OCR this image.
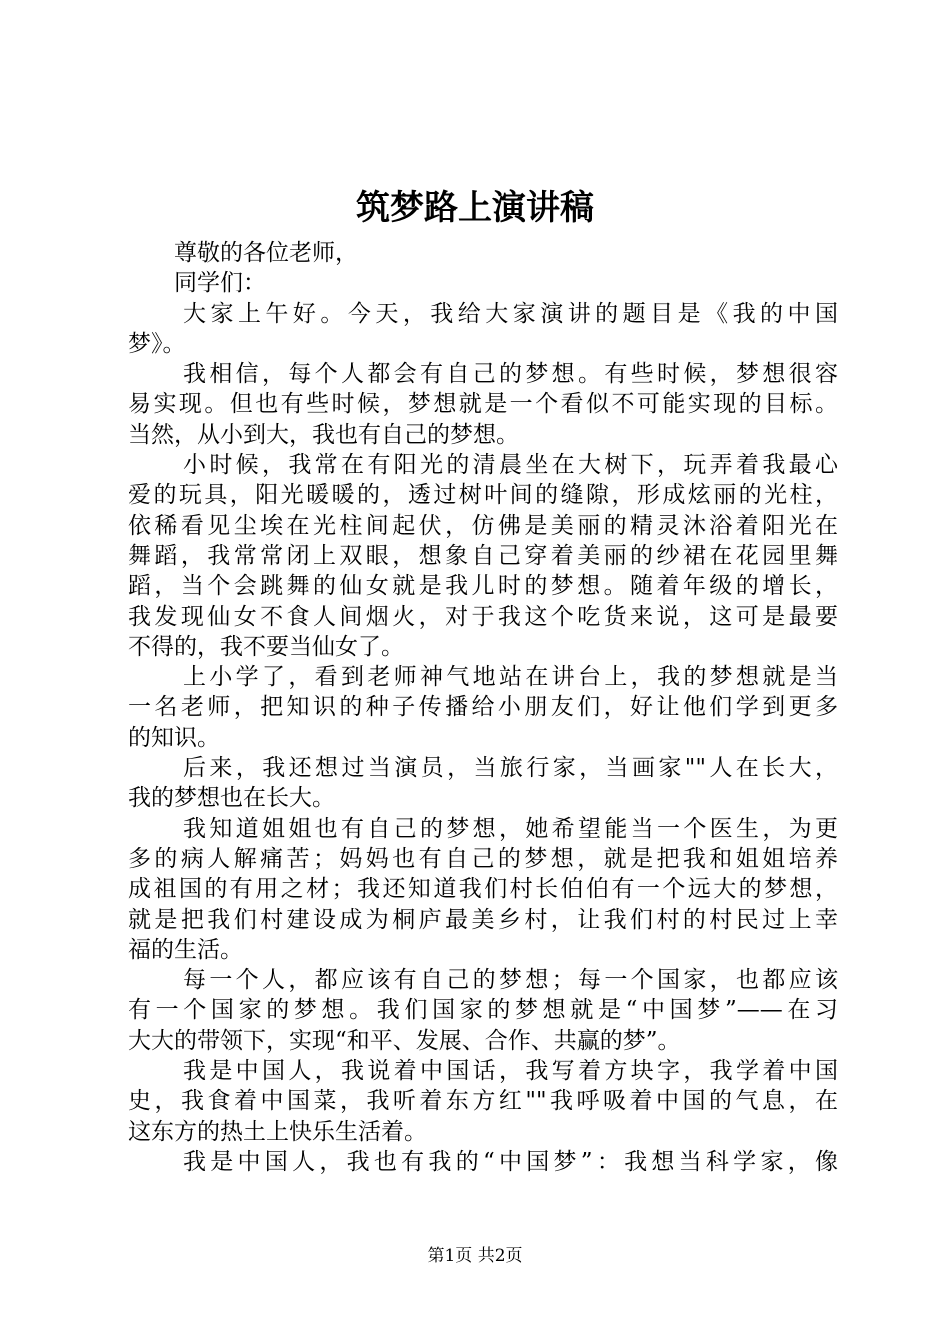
筑梦路上演讲稿
尊敬的各位老师，
同学们：
大家上午好。今天，我给大家演讲的题目是《我的中国
梦》。
我相信，每个人都会有自己的梦想。有些时候，梦想很容
易实现。但也有些时候，梦想就是一个看似不可能实现的目标。
当然，从小到大，我也有自己的梦想。
小时候，我常在有阳光的清晨坐在大树下，玩弄着我最心
爱的玩具，阳光暖暖的，透过树叶间的缝隙，形成炫丽的光柱，
依稀看见尘埃在光柱间起伏，仿佛是美丽的精灵沐浴着阳光在
舞蹈，我常常闭上双眼，想象自己穿着美丽的纱裙在花园里舞
蹈，当个会跳舞的仙女就是我儿时的梦想。随着年级的增长，
我发现仙女不食人间烟火，对于我这个吃货来说，这可是最要
不得的，我不要当仙女了。
上小学了，看到老师神气地站在讲台上，我的梦想就是当
一名老师，把知识的种子传播给小朋友们，好让他们学到更多
的知识。
后来，我还想过当演员，当旅行家，当画家""人在长大，
我的梦想也在长大。
我知道姐姐也有自己的梦想，她希望能当一个医生，为更
多的病人解痛苦；妈妈也有自己的梦想，就是把我和姐姐培养
成祖国的有用之材；我还知道我们村长伯伯有一个远大的梦想，
就是把我们村建设成为桐庐最美乡村，让我们村的村民过上幸
福的生活。
每一个人，都应该有自己的梦想；每一个国家，也都应该
有一个国家的梦想。我们国家的梦想就是“中国梦”——在习
大大的带领下，实现“和平、发展、合作、共赢的梦”。
我是中国人，我说着中国话，我写着方块字，我学着中国
史，我食着中国菜，我听着东方红""我呼吸着中国的气息，在
这东方的热土上快乐生活着。
我是中国人，我也有我的“中国梦”：我想当科学家，像
第1页 共2页
